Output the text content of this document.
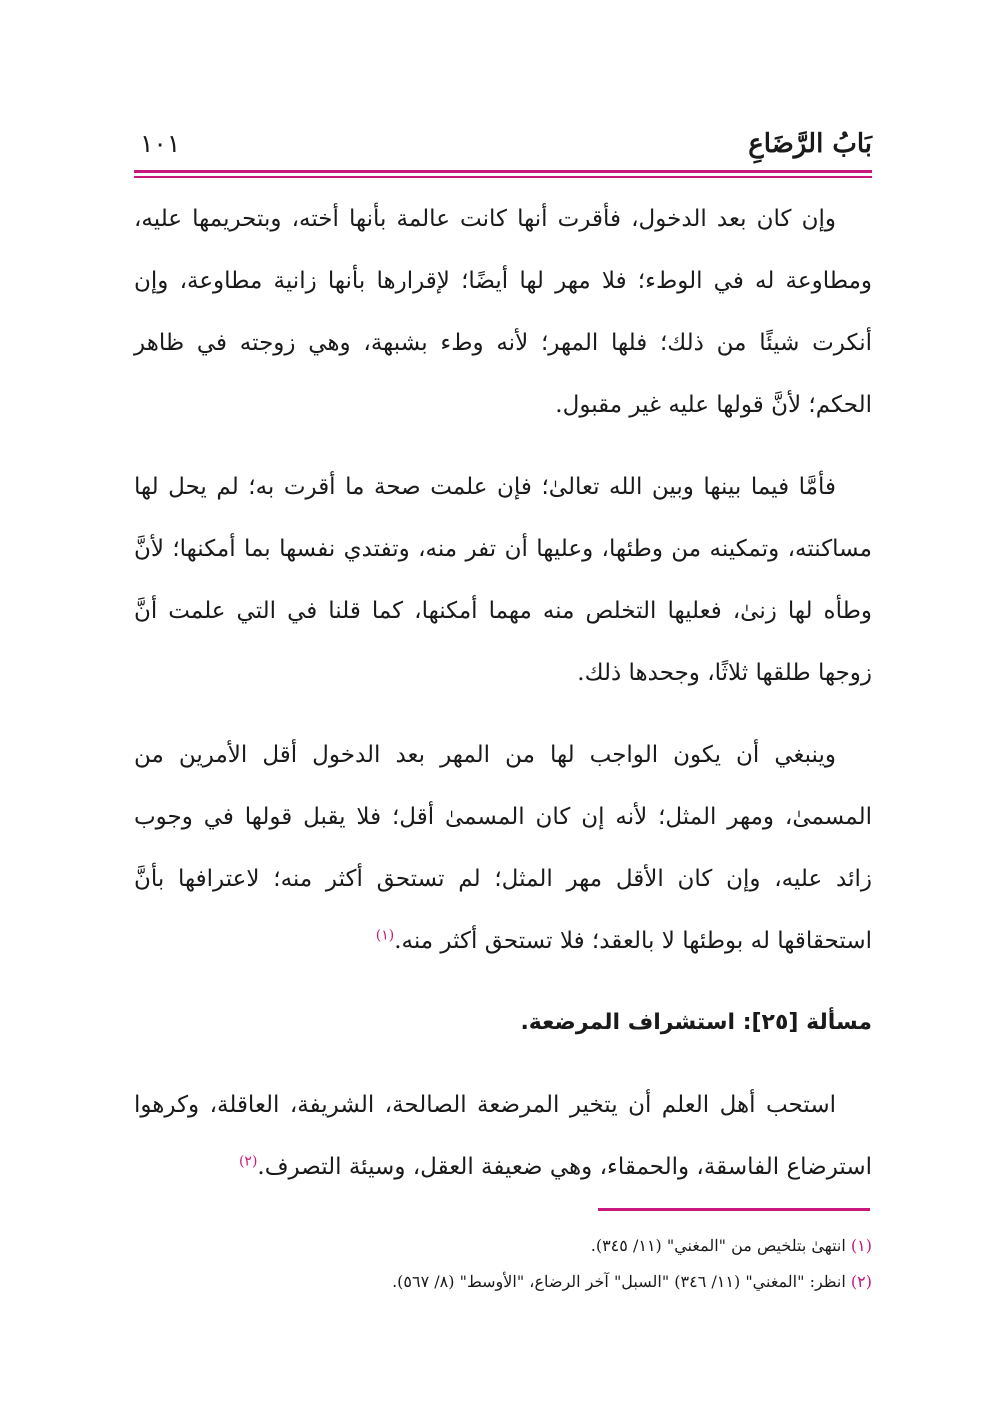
بَابُ الرَّضَاعِ
١٠١

وإن كان بعد الدخول، فأقرت أنها كانت عالمة بأنها أخته، وبتحريمها عليه، ومطاوعة له في الوطء؛ فلا مهر لها أيضًا؛ لإقرارها بأنها زانية مطاوعة، وإن أنكرت شيئًا من ذلك؛ فلها المهر؛ لأنه وطء بشبهة، وهي زوجته في ظاهر الحكم؛ لأنَّ قولها عليه غير مقبول.

فأمَّا فيما بينها وبين الله تعالىٰ؛ فإن علمت صحة ما أقرت به؛ لم يحل لها مساكنته، وتمكينه من وطئها، وعليها أن تفر منه، وتفتدي نفسها بما أمكنها؛ لأنَّ وطأه لها زنىٰ، فعليها التخلص منه مهما أمكنها، كما قلنا في التي علمت أنَّ زوجها طلقها ثلاثًا، وجحدها ذلك.

وينبغي أن يكون الواجب لها من المهر بعد الدخول أقل الأمرين من المسمىٰ، ومهر المثل؛ لأنه إن كان المسمىٰ أقل؛ فلا يقبل قولها في وجوب زائد عليه، وإن كان الأقل مهر المثل؛ لم تستحق أكثر منه؛ لاعترافها بأنَّ استحقاقها له بوطئها لا بالعقد؛ فلا تستحق أكثر منه.$^{(١)}$

مسألة [٢٥]: استشراف المرضعة.

استحب أهل العلم أن يتخير المرضعة الصالحة، الشريفة، العاقلة، وكرهوا استرضاع الفاسقة، والحمقاء، وهي ضعيفة العقل، وسيئة التصرف.$^{(٢)}$

(١) انتهىٰ بتلخيص من "المغني" (١١/ ٣٤٥).

(٢) انظر: "المغني" (١١/ ٣٤٦) "السبل" آخر الرضاع، "الأوسط" (٨/ ٥٦٧).
